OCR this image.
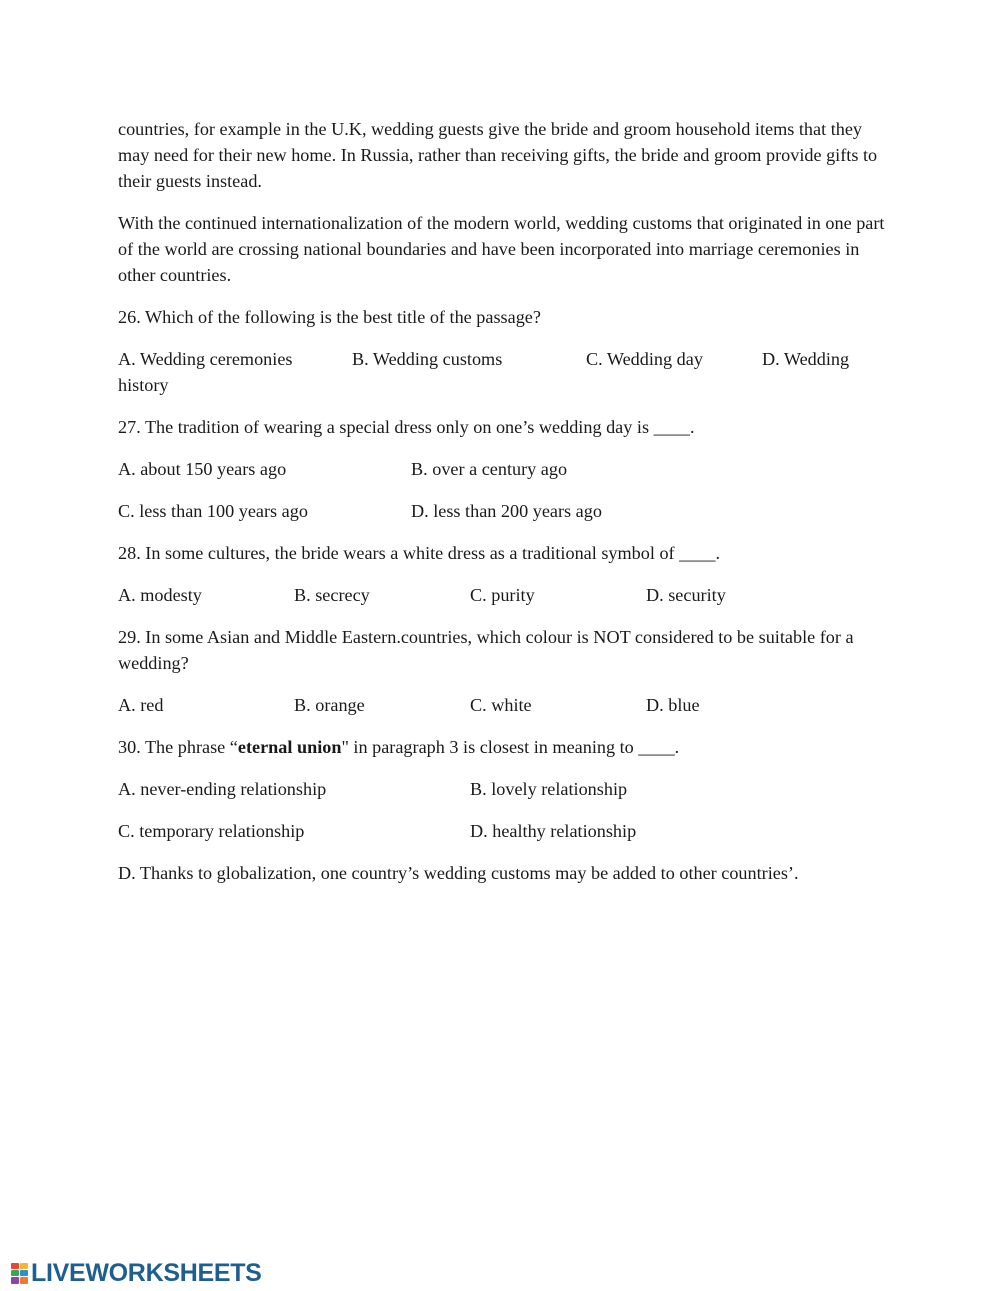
countries, for example in the U.K, wedding guests give the bride and groom household items that they may need for their new home. In Russia, rather than receiving gifts, the bride and groom provide gifts to their guests instead.

With the continued internationalization of the modern world, wedding customs that originated in one part of the world are crossing national boundaries and have been incorporated into marriage ceremonies in other countries.

26. Which of the following is the best title of the passage?

A. Wedding ceremonies	B. Wedding customs	C. Wedding day	D. Wedding history

27. The tradition of wearing a special dress only on one’s wedding day is ____.

A. about 150 years ago	B. over a century ago
C. less than 100 years ago	D. less than 200 years ago

28. In some cultures, the bride wears a white dress as a traditional symbol of ____.

A. modesty	B. secrecy	C. purity	D. security

29. In some Asian and Middle Eastern.countries, which colour is NOT considered to be suitable for a wedding?

A. red	B. orange	C. white	D. blue

30. The phrase “eternal union" in paragraph 3 is closest in meaning to ____.

A. never-ending relationship	B. lovely relationship
C. temporary relationship	D. healthy relationship

D. Thanks to globalization, one country’s wedding customs may be added to other countries’.

LIVEWORKSHEETS
